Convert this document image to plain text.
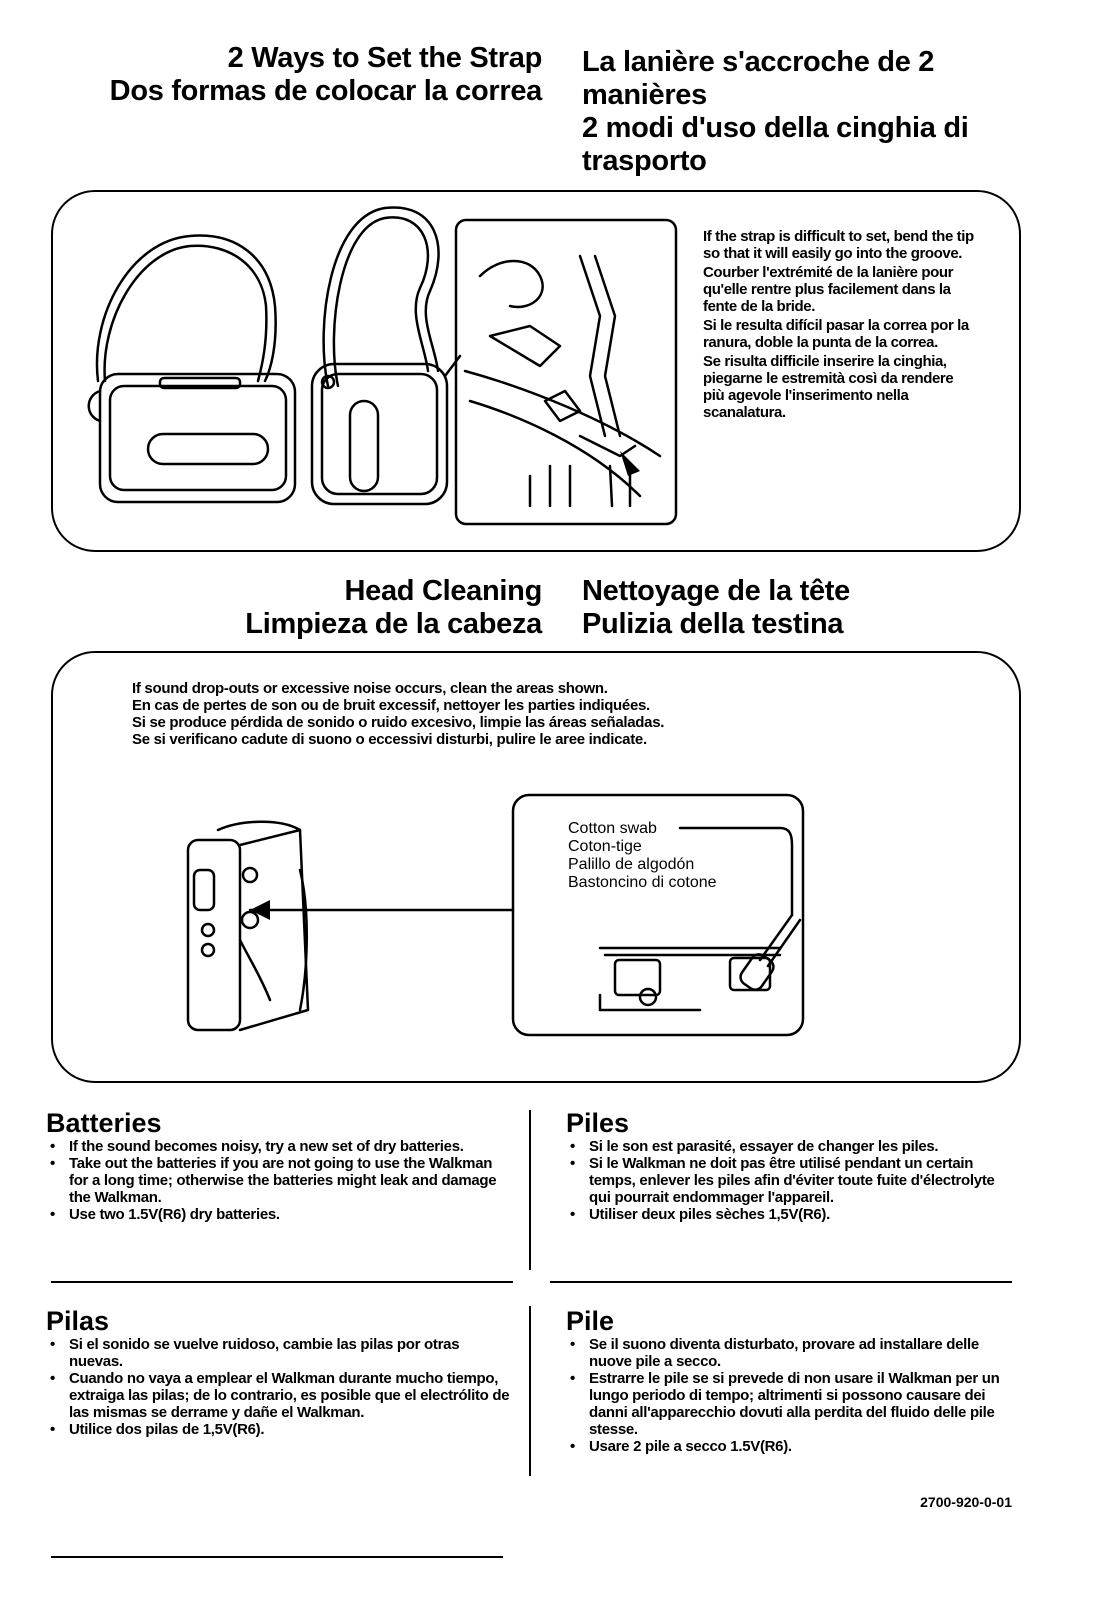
2 Ways to Set the Strap
Dos formas de colocar la correa
La lanière s'accroche de 2 manières
2 modi d'uso della cinghia di trasporto

If the strap is difficult to set, bend the tip so that it will easily go into the groove.

Courber l'extrémité de la lanière pour qu'elle rentre plus facilement dans la fente de la bride.

Si le resulta difícil pasar la correa por la ranura, doble la punta de la correa.

Se risulta difficile inserire la cinghia, piegarne le estremità così da rendere più agevole l'inserimento nella scanalatura.

Head Cleaning
Limpieza de la cabeza
Nettoyage de la tête
Pulizia della testina

If sound drop-outs or excessive noise occurs, clean the areas shown.

En cas de pertes de son ou de bruit excessif, nettoyer les parties indiquées.

Si se produce pérdida de sonido o ruido excesivo, limpie las áreas señaladas.

Se si verificano cadute di suono o eccessivi disturbi, pulire le aree indicate.

Cotton swab

Coton-tige

Palillo de algodón

Bastoncino di cotone

Batteries
• If the sound becomes noisy, try a new set of dry batteries.
• Take out the batteries if you are not going to use the Walkman for a long time; otherwise the batteries might leak and damage the Walkman.
• Use two 1.5V(R6) dry batteries.
Piles
• Si le son est parasité, essayer de changer les piles.
• Si le Walkman ne doit pas être utilisé pendant un certain temps, enlever les piles afin d'éviter toute fuite d'électrolyte qui pourrait endommager l'appareil.
• Utiliser deux piles sèches 1,5V(R6).
Pilas
• Si el sonido se vuelve ruidoso, cambie las pilas por otras nuevas.
• Cuando no vaya a emplear el Walkman durante mucho tiempo, extraiga las pilas; de lo contrario, es posible que el electrólito de las mismas se derrame y dañe el Walkman.
• Utilice dos pilas de 1,5V(R6).
Pile
• Se il suono diventa disturbato, provare ad installare delle nuove pile a secco.
• Estrarre le pile se si prevede di non usare il Walkman per un lungo periodo di tempo; altrimenti si possono causare dei danni all'apparecchio dovuti alla perdita del fluido delle pile stesse.
• Usare 2 pile a secco 1.5V(R6).
2700-920-0-01
